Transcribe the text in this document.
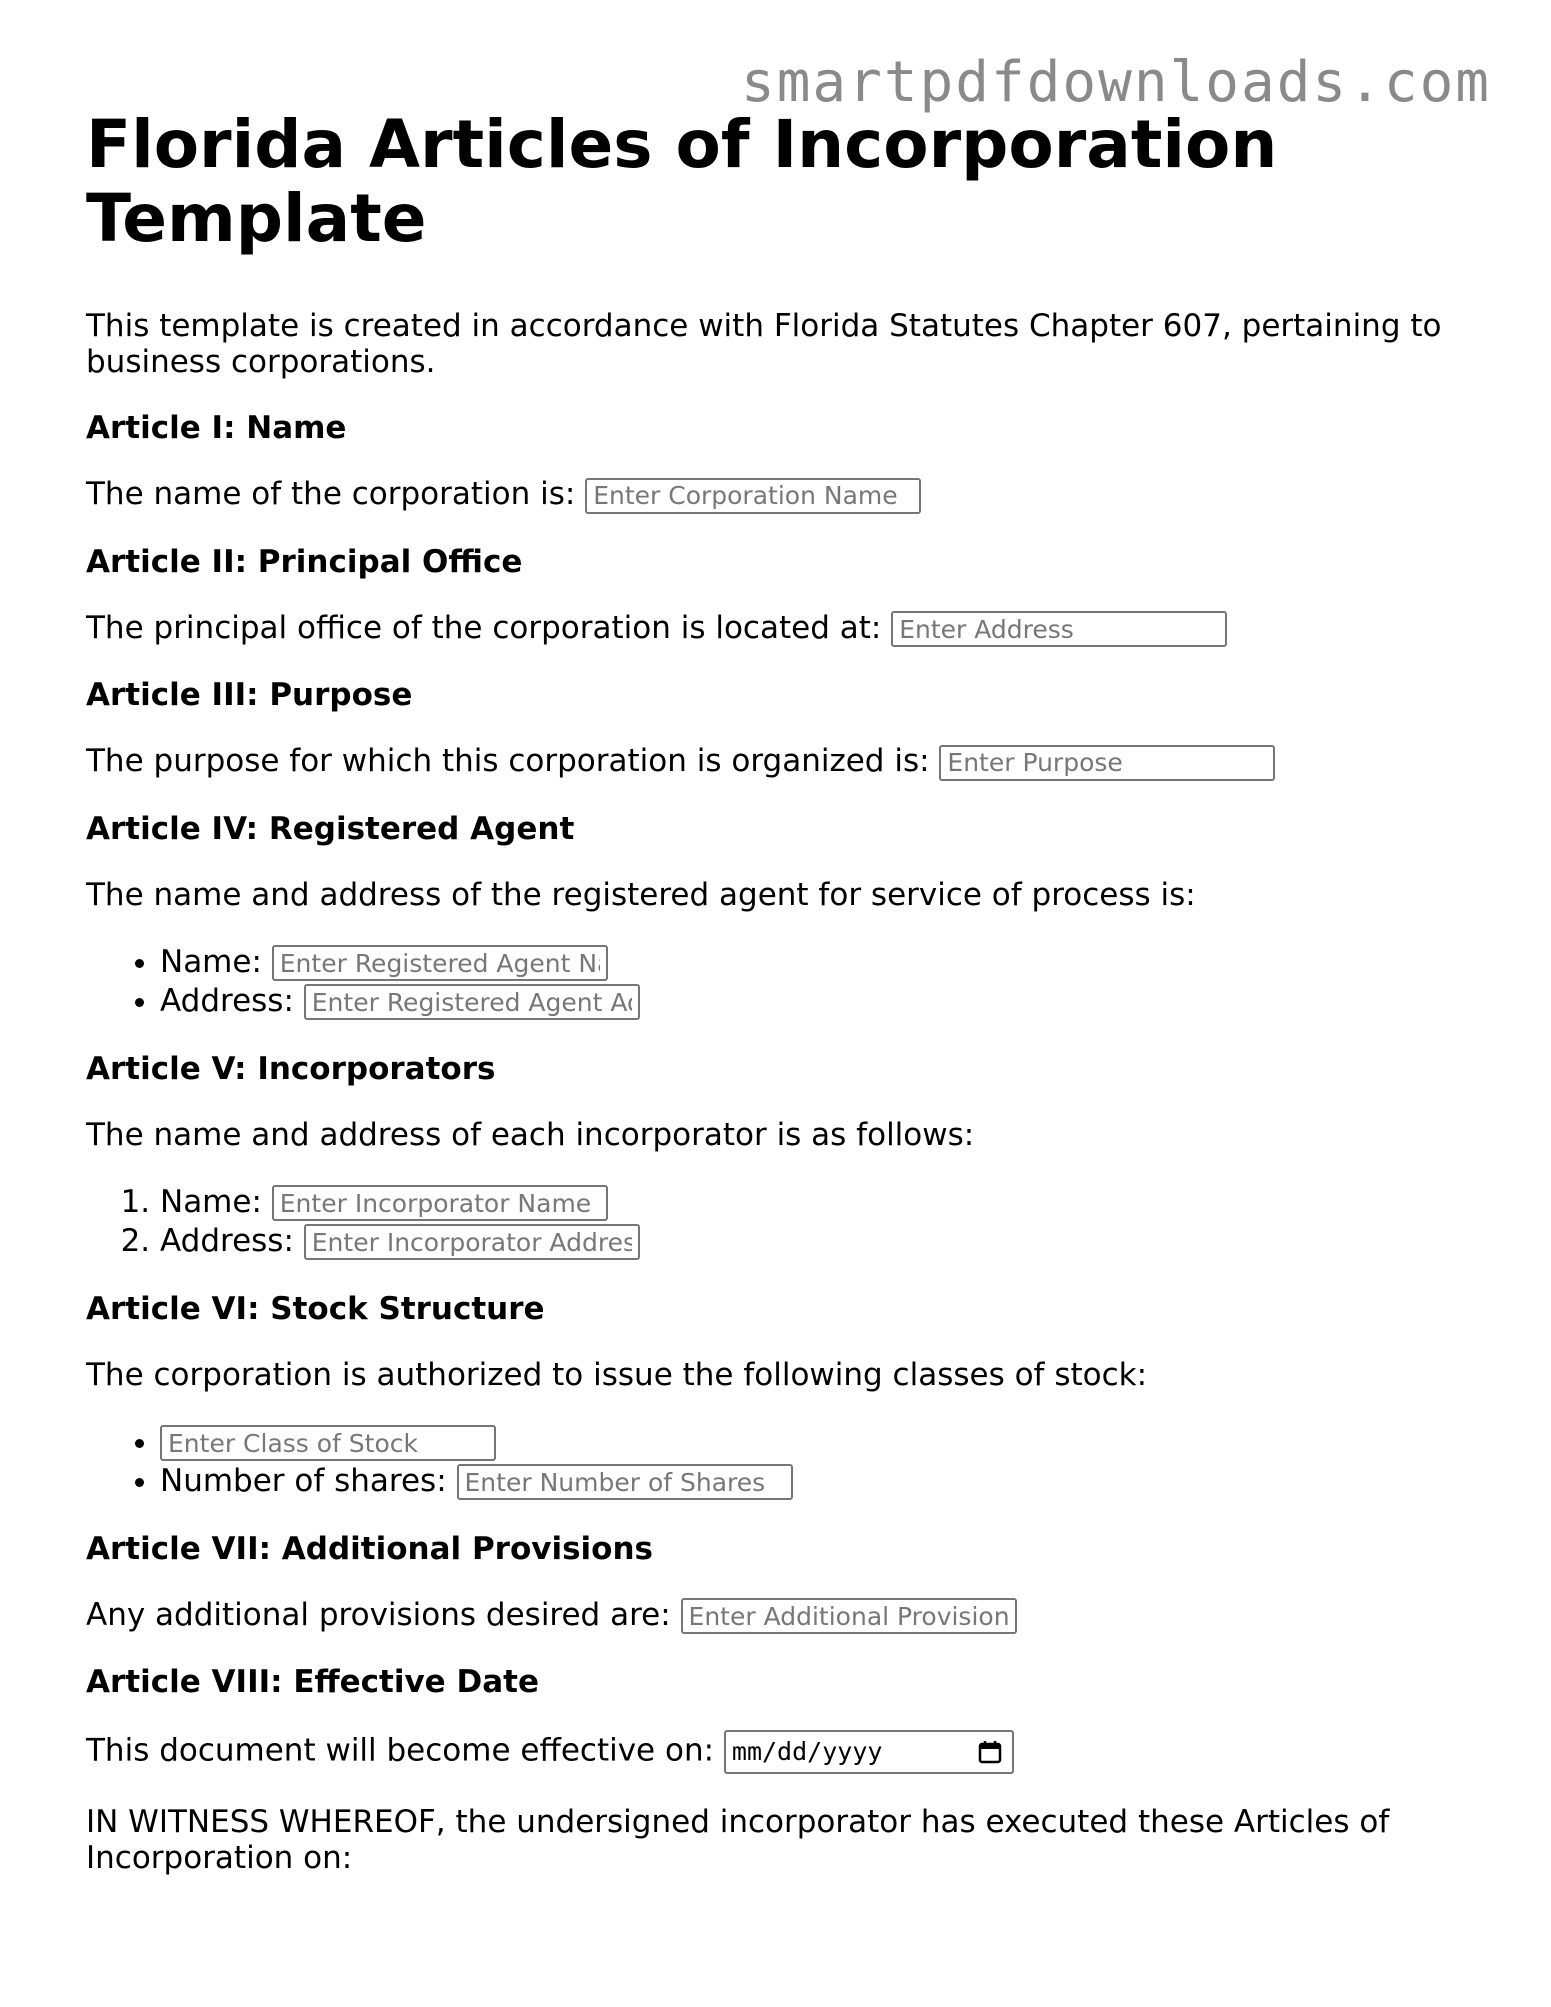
smartpdfdownloads.com
Florida Articles of Incorporation Template

This template is created in accordance with Florida Statutes Chapter 607, pertaining to business corporations.

Article I: Name

The name of the corporation is: Enter Corporation Name

Article II: Principal Office

The principal office of the corporation is located at: Enter Address

Article III: Purpose

The purpose for which this corporation is organized is: Enter Purpose

Article IV: Registered Agent

The name and address of the registered agent for service of process is:

• Name: Enter Registered Agent Name
• Address: Enter Registered Agent Address
Article V: Incorporators

The name and address of each incorporator is as follows:

1. Name: Enter Incorporator Name
2. Address: Enter Incorporator Address
Article VI: Stock Structure

The corporation is authorized to issue the following classes of stock:

• Enter Class of Stock
• Number of shares: Enter Number of Shares
Article VII: Additional Provisions

Any additional provisions desired are: Enter Additional Provisions

Article VIII: Effective Date

This document will become effective on: mm/dd/yyyy

IN WITNESS WHEREOF, the undersigned incorporator has executed these Articles of Incorporation on:
